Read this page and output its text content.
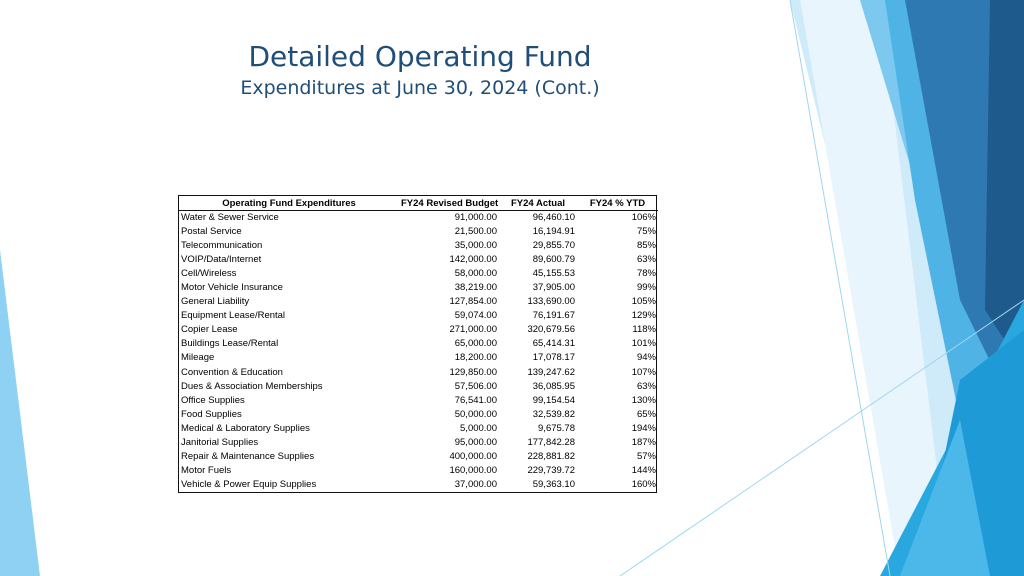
Detailed Operating Fund
Expenditures at June 30, 2024 (Cont.)
Operating Fund Expenditures	FY24 Revised Budget	FY24 Actual	FY24 % YTD
Water & Sewer Service	91,000.00	96,460.10	106%
Postal Service	21,500.00	16,194.91	75%
Telecommunication	35,000.00	29,855.70	85%
VOIP/Data/Internet	142,000.00	89,600.79	63%
Cell/Wireless	58,000.00	45,155.53	78%
Motor Vehicle Insurance	38,219.00	37,905.00	99%
General Liability	127,854.00	133,690.00	105%
Equipment Lease/Rental	59,074.00	76,191.67	129%
Copier Lease	271,000.00	320,679.56	118%
Buildings Lease/Rental	65,000.00	65,414.31	101%
Mileage	18,200.00	17,078.17	94%
Convention & Education	129,850.00	139,247.62	107%
Dues & Association Memberships	57,506.00	36,085.95	63%
Office Supplies	76,541.00	99,154.54	130%
Food Supplies	50,000.00	32,539.82	65%
Medical & Laboratory Supplies	5,000.00	9,675.78	194%
Janitorial Supplies	95,000.00	177,842.28	187%
Repair & Maintenance Supplies	400,000.00	228,881.82	57%
Motor Fuels	160,000.00	229,739.72	144%
Vehicle & Power Equip Supplies	37,000.00	59,363.10	160%
